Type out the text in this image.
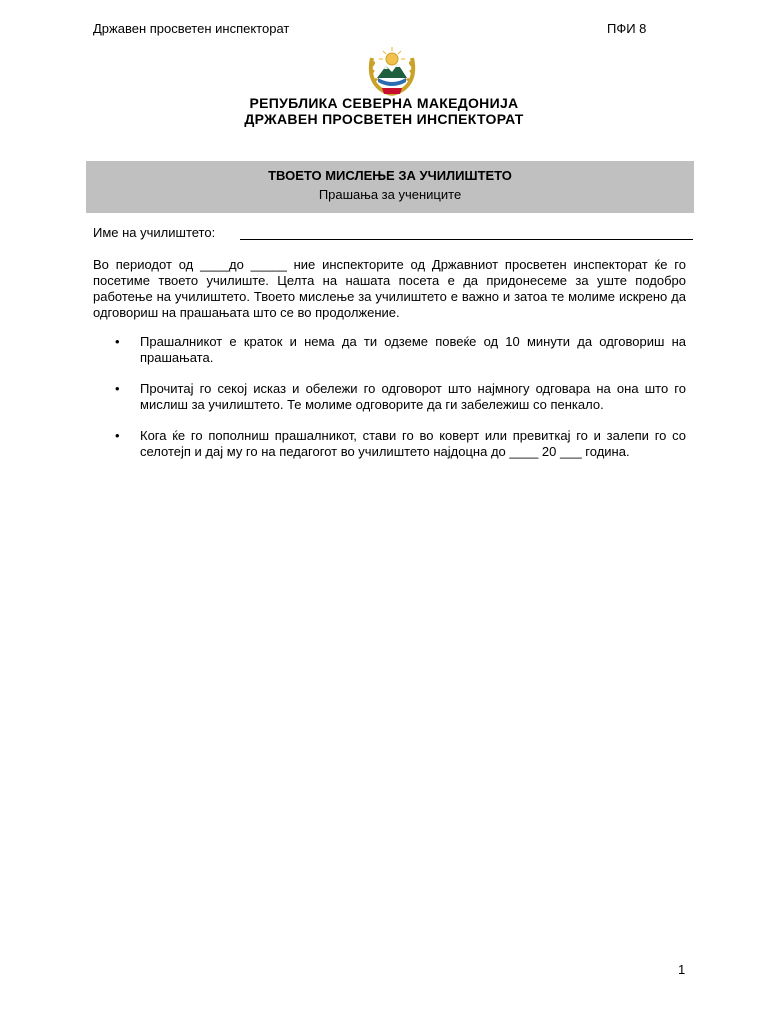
Државен просветен инспекторат	ПФИ 8
РЕПУБЛИКА СЕВЕРНА МАКЕДОНИЈА
ДРЖАВЕН ПРОСВЕТЕН ИНСПЕКТОРАТ
ТВОЕТО МИСЛЕЊЕ ЗА УЧИЛИШТЕТО
Прашања за учениците
Име на училиштето:
Во периодот од ____до _____ ние инспекторите од Државниот просветен инспекторат ќе го посетиме твоето училиште. Целта на нашата посета е да придонесеме за уште подобро работење на училиштето. Твоето мислење за училиштето е важно и затоа те молиме искрено да одговориш на прашањата што се во продолжение.
• Прашалникот е краток и нема да ти одземе повеќе од 10 минути да одговориш на прашањата.
• Прочитај го секој исказ и обележи го одговорот што најмногу одговара на она што го мислиш за училиштето. Те молиме одговорите да ги забележиш со пенкало.
• Кога ќе го пополниш прашалникот, стави го во коверт или превиткај го и залепи го со селотејп и дај му го на педагогот во училиштето најдоцна до ____ 20 ___ година.
1
